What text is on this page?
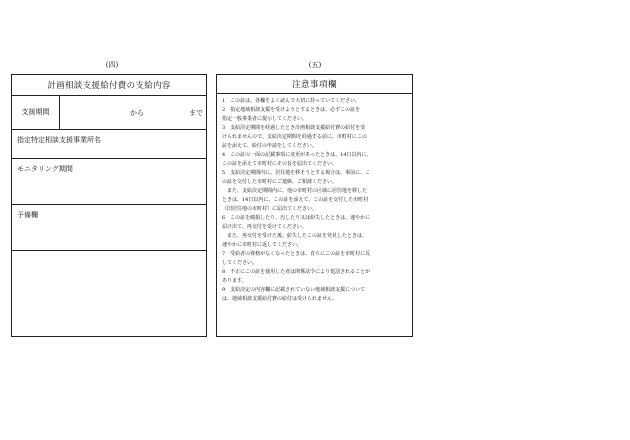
(四)	(五)
計画相談支援給付費の支給内容
支援期間	から	まで
指定特定相談支援事業所名
モニタリング期間
予備欄
注意事項欄
1　この証は、各欄をよく読んで大切に持っていてください。
2　指定地域相談支援を受けようとするときは、必ずこの証を
指定一般事業者に提示してください。
3　支給決定期間を経過したとき計画相談支援給付費の給付を受
けられませんので、支給決定期間を経過する前に、市町村にこの
証を添えて、給付の申請をしてください。
4　この証の一面の記載事項に変更があったときは、14日以内に、
この証を添えて市町村にその旨を届出てください。
5　支給決定期間内に、居住地を移そうとする場合は、事前に、こ
の証を交付した市町村にご連絡、ご相談ください。
　また、支給決定期間内に、他の市町村の区域に居住地を移した
ときは、14日以内に、この証を添えて、この証を交付した市町村
（旧居住地の市町村）に届出てください。
6　この証を破損したり、汚したり又は紛失したときは、速やかに
届け出て、再交付を受けてください。
　また、再交付を受けた後、紛失したこの証を発見したときは、
速やかに市町村に返してください。
7　受給者の資格がなくなったときは、直ちにこの証を市町村に反
してください。
8　不正にこの証を使用した者は関係法令により処罰されることが
あります。
9　支給決定の内容欄に記載されていない地域相談支援について
は、地域相談支援給付費の給付は受けられません。
